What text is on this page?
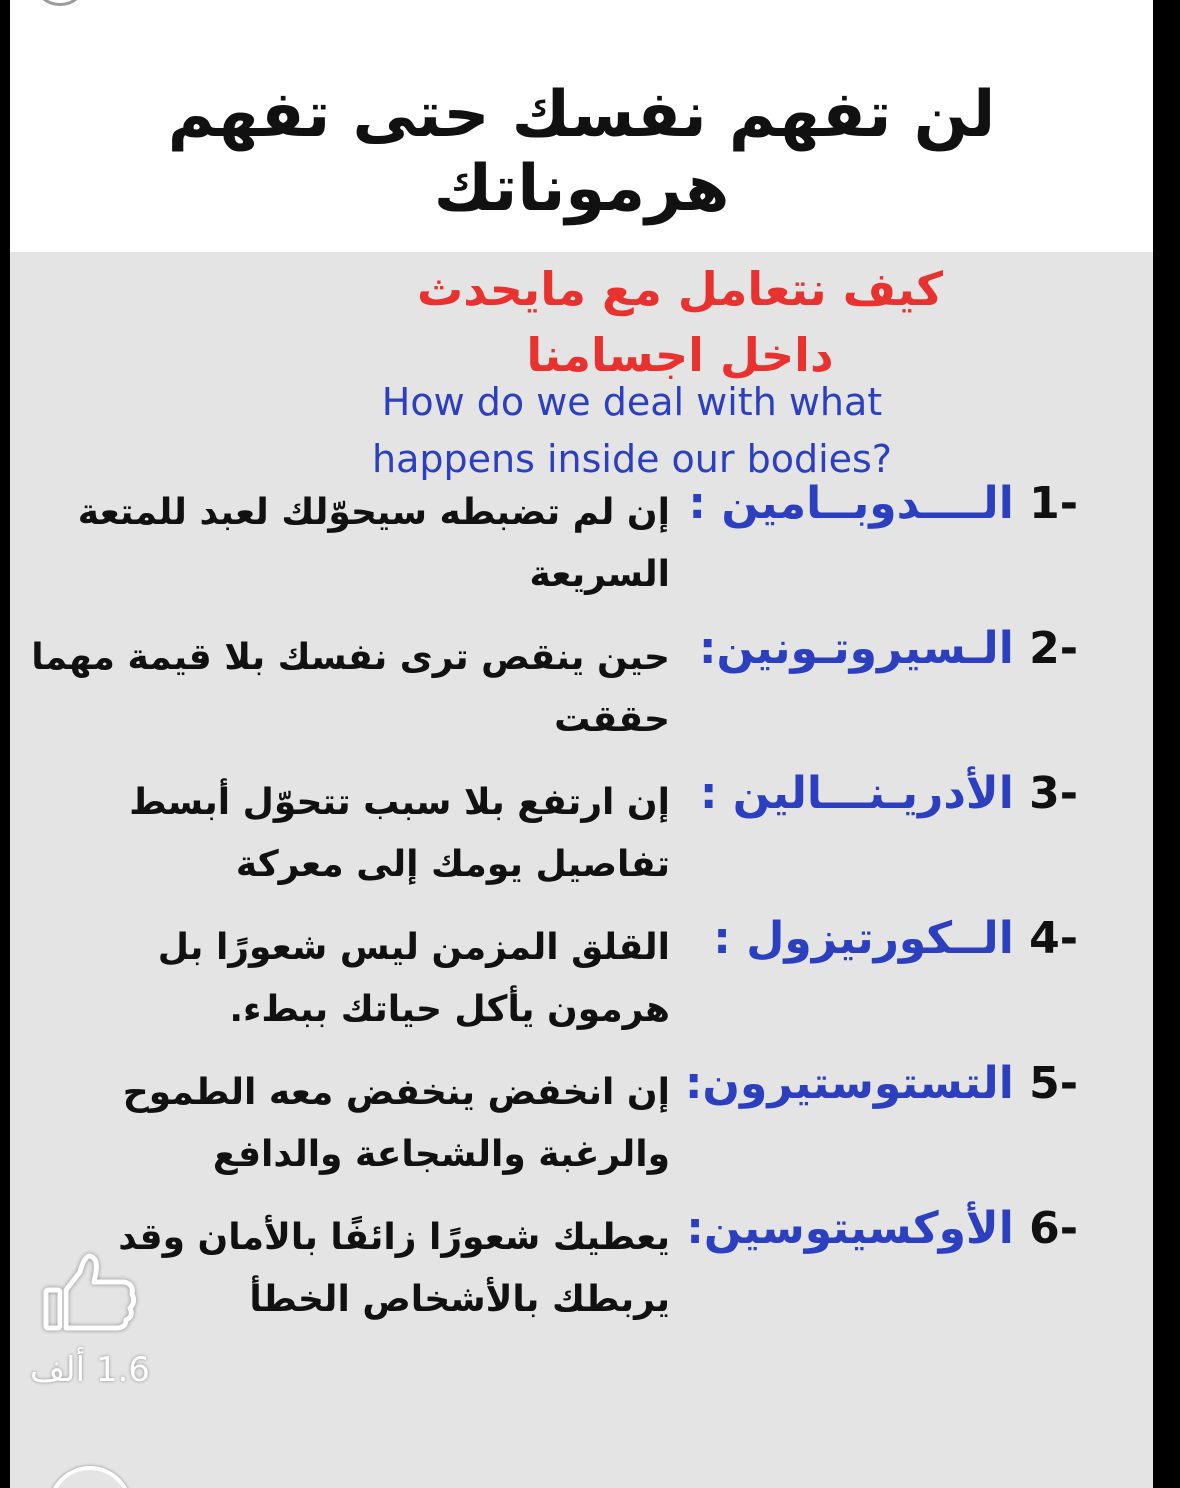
لن تفهم نفسك حتى تفهم هرموناتك
كيف نتعامل مع مايحدث
داخل اجسامنا
How do we deal with what
happens inside our bodies?
-1 الــــدوبــامين :
إن لم تضبطه سيحوّلك لعبد للمتعة السريعة
-2 الـسيروتـونين:
حين ينقص ترى نفسك بلا قيمة مهما حققت
-3 الأدريـنـــالين :
إن ارتفع بلا سبب تتحوّل أبسط تفاصيل يومك إلى معركة
-4 الــكورتيزول :
القلق المزمن ليس شعورًا بل هرمون يأكل حياتك ببطء.
-5 التستوستيرون:
إن انخفض ينخفض معه الطموح والرغبة والشجاعة والدافع
-6 الأوكسيتوسين:
يعطيك شعورًا زائفًا بالأمان وقد يربطك بالأشخاص الخطأ
1.6 ألف
